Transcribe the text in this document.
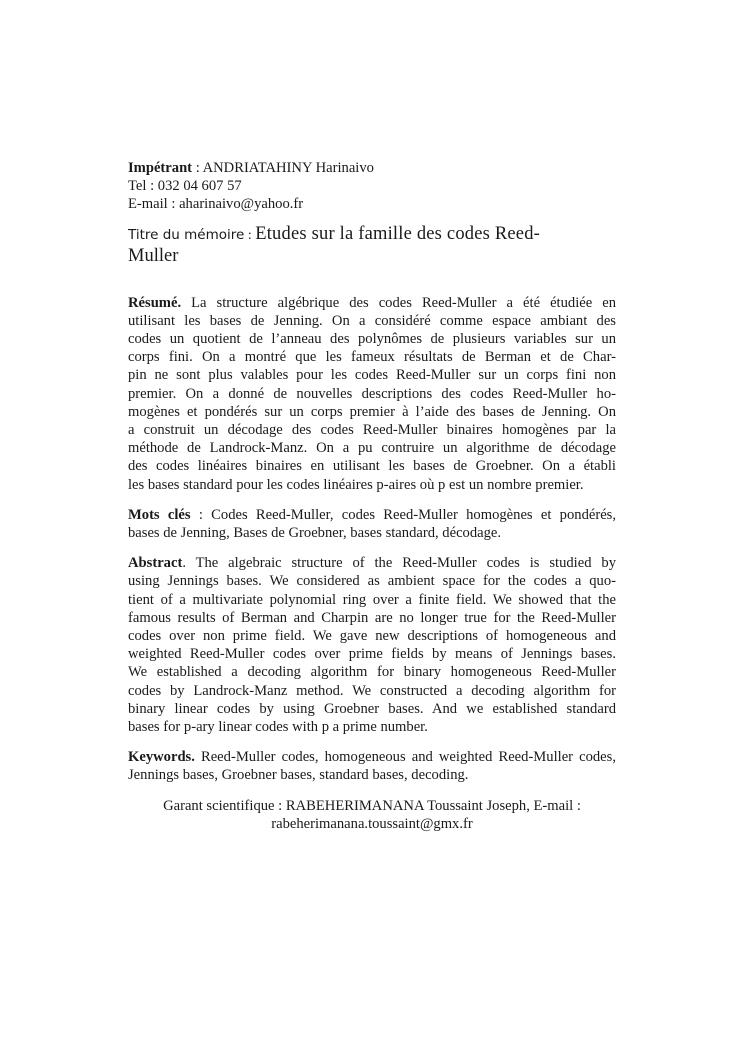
Impétrant : ANDRIATAHINY Harinaivo
Tel : 032 04 607 57
E-mail : aharinaivo@yahoo.fr
Titre du mémoire : Etudes sur la famille des codes Reed-
Muller
Résumé. La structure algébrique des codes Reed-Muller a été étudiée en
utilisant les bases de Jenning. On a considéré comme espace ambiant des
codes un quotient de l’anneau des polynômes de plusieurs variables sur un
corps fini. On a montré que les fameux résultats de Berman et de Char-
pin ne sont plus valables pour les codes Reed-Muller sur un corps fini non
premier. On a donné de nouvelles descriptions des codes Reed-Muller ho-
mogènes et pondérés sur un corps premier à l’aide des bases de Jenning. On
a construit un décodage des codes Reed-Muller binaires homogènes par la
méthode de Landrock-Manz. On a pu contruire un algorithme de décodage
des codes linéaires binaires en utilisant les bases de Groebner. On a établi
les bases standard pour les codes linéaires p-aires où p est un nombre premier.
Mots clés : Codes Reed-Muller, codes Reed-Muller homogènes et pondérés,
bases de Jenning, Bases de Groebner, bases standard, décodage.
Abstract. The algebraic structure of the Reed-Muller codes is studied by
using Jennings bases. We considered as ambient space for the codes a quo-
tient of a multivariate polynomial ring over a finite field. We showed that the
famous results of Berman and Charpin are no longer true for the Reed-Muller
codes over non prime field. We gave new descriptions of homogeneous and
weighted Reed-Muller codes over prime fields by means of Jennings bases.
We established a decoding algorithm for binary homogeneous Reed-Muller
codes by Landrock-Manz method. We constructed a decoding algorithm for
binary linear codes by using Groebner bases. And we established standard
bases for p-ary linear codes with p a prime number.
Keywords. Reed-Muller codes, homogeneous and weighted Reed-Muller codes,
Jennings bases, Groebner bases, standard bases, decoding.
Garant scientifique : RABEHERIMANANA Toussaint Joseph, E-mail :
rabeherimanana.toussaint@gmx.fr
